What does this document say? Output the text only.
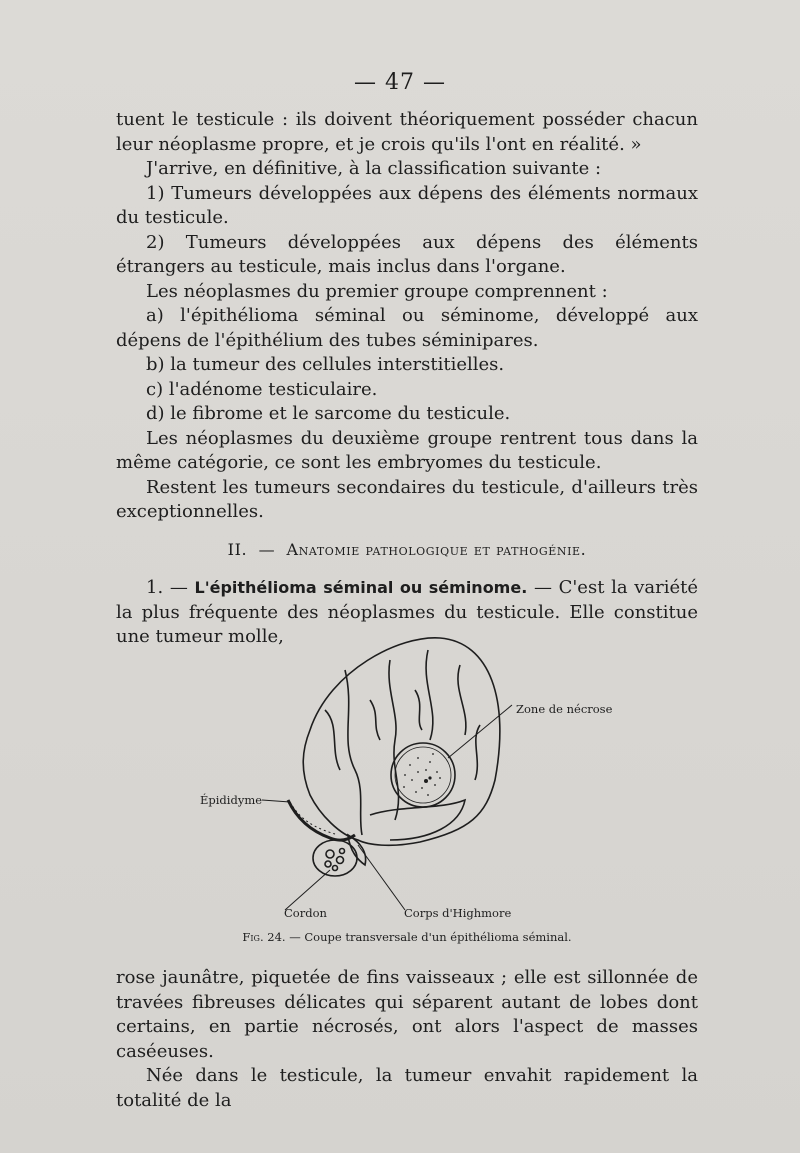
— 47 —

tuent le testicule : ils doivent théoriquement posséder chacun leur néoplasme propre, et je crois qu'ils l'ont en réalité. »

J'arrive, en définitive, à la classification suivante :

1) Tumeurs développées aux dépens des éléments normaux du testicule.

2) Tumeurs développées aux dépens des éléments étrangers au testicule, mais inclus dans l'organe.

Les néoplasmes du premier groupe comprennent :

a) l'épithélioma séminal ou séminome, développé aux dépens de l'épithélium des tubes séminipares.

b) la tumeur des cellules interstitielles.

c) l'adénome testiculaire.

d) le fibrome et le sarcome du testicule.

Les néoplasmes du deuxième groupe rentrent tous dans la même catégorie, ce sont les embryomes du testicule.

Restent les tumeurs secondaires du testicule, d'ailleurs très exceptionnelles.

II. — Anatomie pathologique et pathogénie.

1. — L'épithélioma séminal ou séminome. — C'est la variété la plus fréquente des néoplasmes du testicule. Elle constitue une tumeur molle,

Zone de nécrose
Épididyme
Cordon	Corps d'Highmore
Fig. 24. — Coupe transversale d'un épithélioma séminal.

rose jaunâtre, piquetée de fins vaisseaux ; elle est sillonnée de travées fibreuses délicates qui séparent autant de lobes dont certains, en partie nécrosés, ont alors l'aspect de masses caséeuses.

Née dans le testicule, la tumeur envahit rapidement la totalité de la
